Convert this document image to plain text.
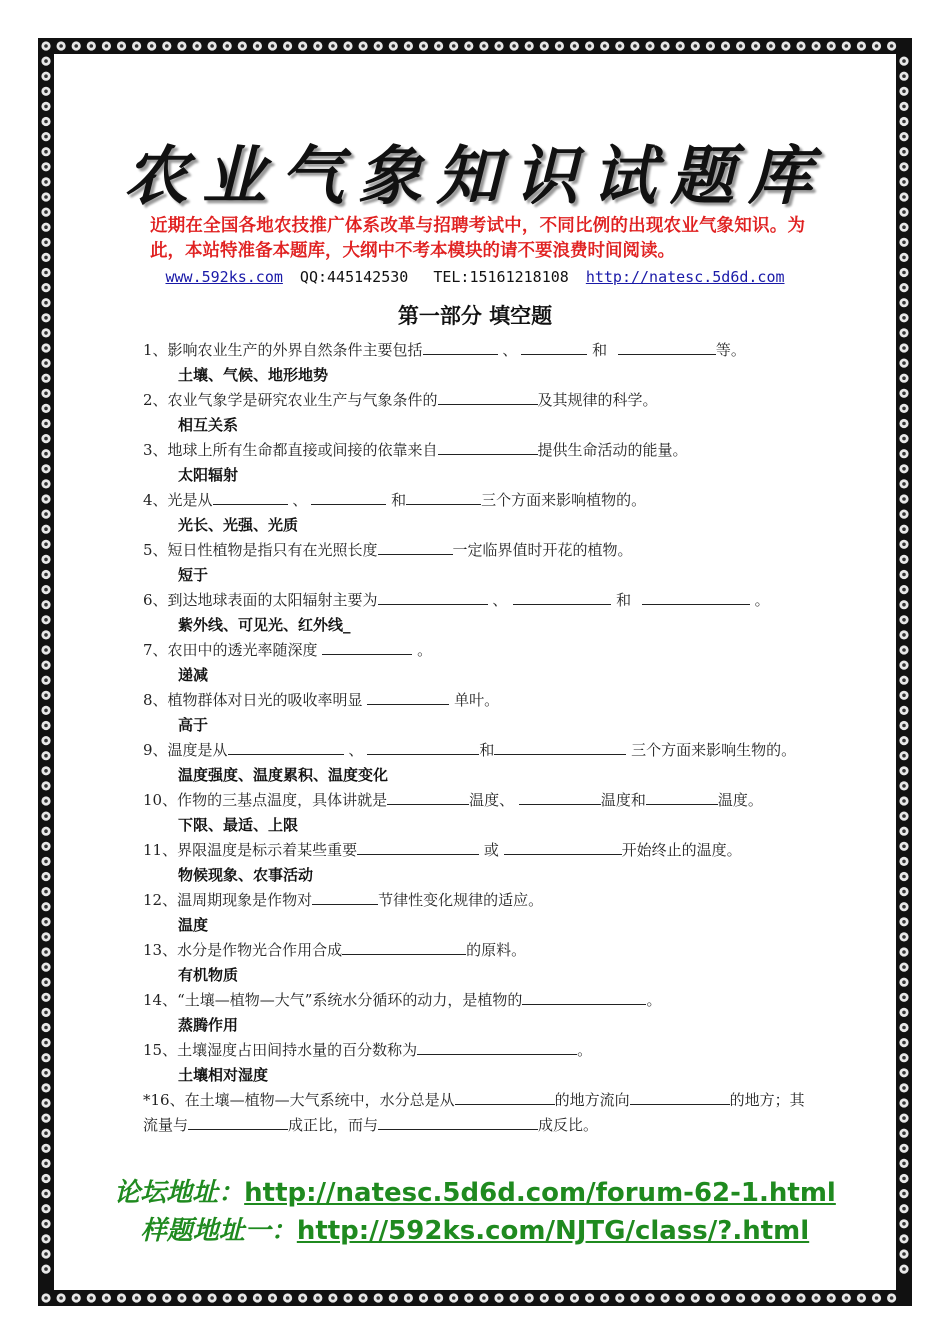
农业气象知识试题库
近期在全国各地农技推广体系改革与招聘考试中，不同比例的出现农业气象知识。为此，本站特准备本题库，大纲中不考本模块的请不要浪费时间阅读。
www.592ks.com QQ:445142530 TEL:15161218108 http://natesc.5d6d.com
第一部分 填空题

1、影响农业生产的外界自然条件主要包括	、	和	等。

土壤、气候、地形地势

2、农业气象学是研究农业生产与气象条件的	及其规律的科学。

相互关系

3、地球上所有生命都直接或间接的依靠来自	提供生命活动的能量。

太阳辐射

4、光是从	、	和	三个方面来影响植物的。

光长、光强、光质

5、短日性植物是指只有在光照长度	一定临界值时开花的植物。

短于

6、到达地球表面的太阳辐射主要为	、	和	。

紫外线、可见光、红外线_

7、农田中的透光率随深度	。

递减

8、植物群体对日光的吸收率明显	单叶。

高于

9、温度是从	、	和	三个方面来影响生物的。

温度强度、温度累积、温度变化

10、作物的三基点温度，具体讲就是	温度、	温度和	温度。

下限、最适、上限

11、界限温度是标示着某些重要	或	开始终止的温度。

物候现象、农事活动

12、温周期现象是作物对	节律性变化规律的适应。

温度

13、水分是作物光合作用合成	的原料。

有机物质

14、“土壤—植物—大气”系统水分循环的动力，是植物的	。

蒸腾作用

15、土壤湿度占田间持水量的百分数称为	。

土壤相对湿度

*16、在土壤—植物—大气系统中，水分总是从	的地方流向	的地方；其流量与	成正比，而与	成反比。

论坛地址：http://natesc.5d6d.com/forum-62-1.html
样题地址一：http://592ks.com/NJTG/class/?.html
